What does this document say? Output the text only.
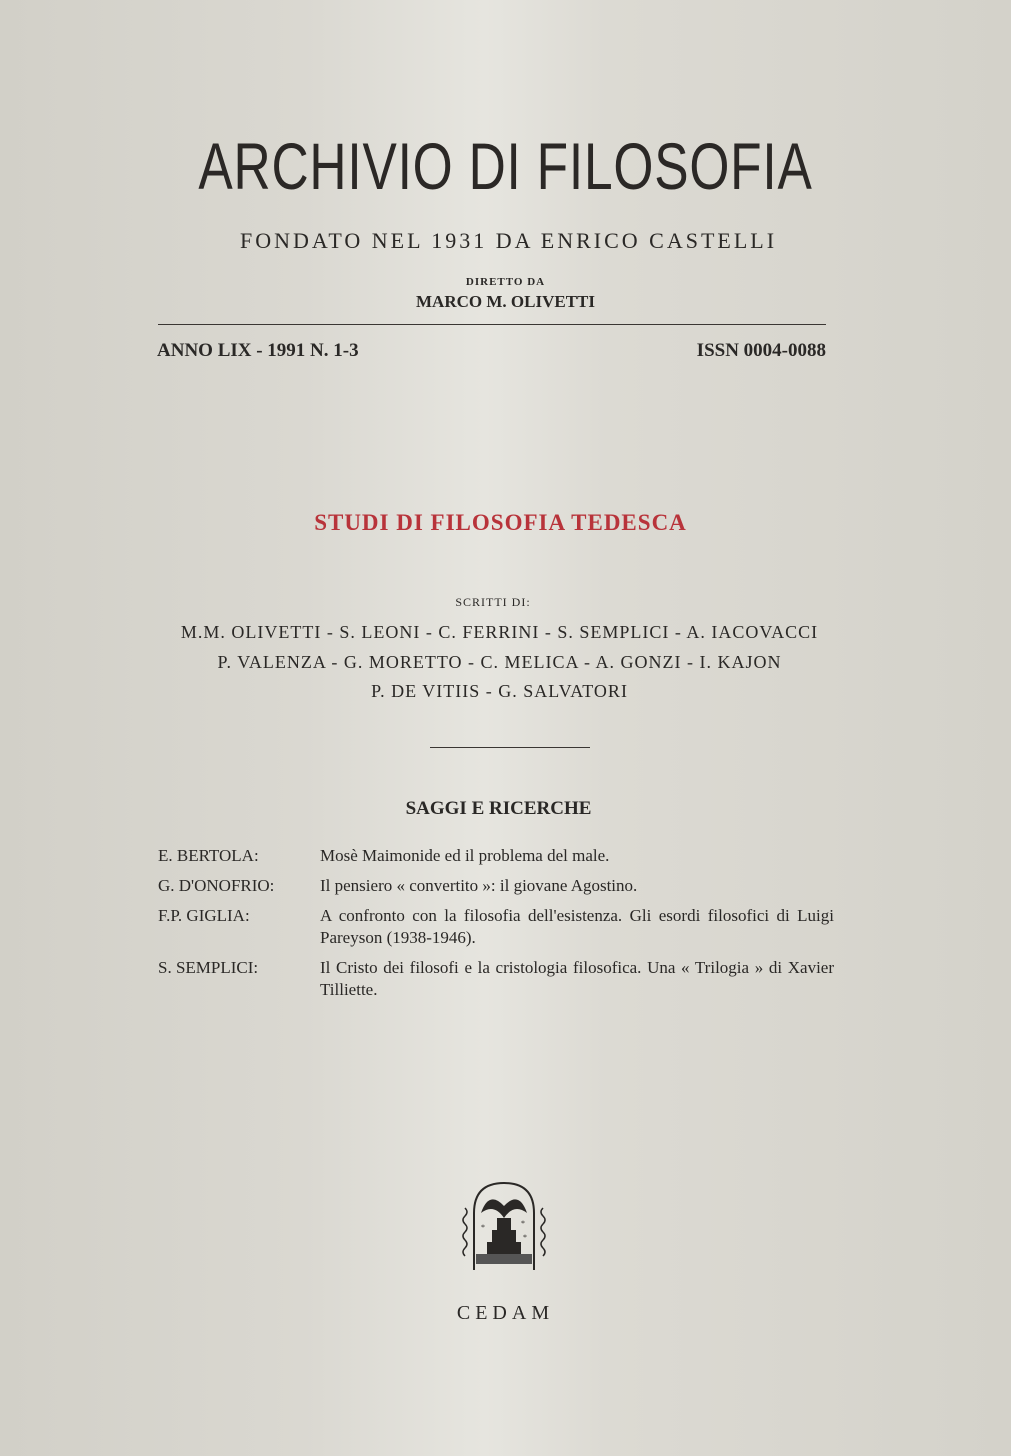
ARCHIVIO DI FILOSOFIA
FONDATO NEL 1931 DA ENRICO CASTELLI
DIRETTO DA
MARCO M. OLIVETTI
ANNO LIX - 1991 N. 1-3	ISSN 0004-0088
STUDI DI FILOSOFIA TEDESCA
SCRITTI DI:
M.M. OLIVETTI - S. LEONI - C. FERRINI - S. SEMPLICI - A. IACOVACCI
P. VALENZA - G. MORETTO - C. MELICA - A. GONZI - I. KAJON
P. DE VITIIS - G. SALVATORI
SAGGI E RICERCHE
E. BERTOLA:	Mosè Maimonide ed il problema del male.
G. D'ONOFRIO:	Il pensiero « convertito »: il giovane Agostino.
F.P. GIGLIA:	A confronto con la filosofia dell'esistenza. Gli esordi filosofici di Luigi Pareyson (1938-1946).
S. SEMPLICI:	Il Cristo dei filosofi e la cristologia filosofica. Una « Trilogia » di Xavier Tilliette.
*	*
*
CEDAM
